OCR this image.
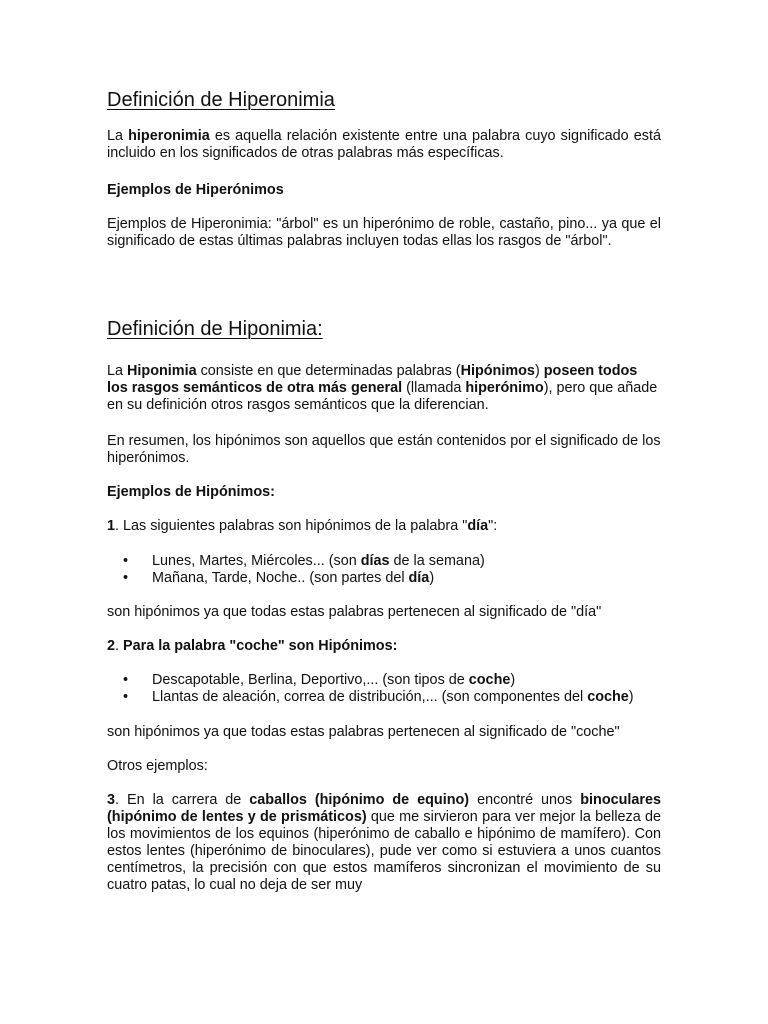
Definición de Hiperonimia

La hiperonimia es aquella relación existente entre una palabra cuyo significado está incluido en los significados de otras palabras más específicas.

Ejemplos de Hiperónimos

Ejemplos de Hiperonimia: "árbol" es un hiperónimo de roble, castaño, pino... ya que el significado de estas últimas palabras incluyen todas ellas los rasgos de "árbol".

Definición de Hiponimia:

La Hiponimia consiste en que determinadas palabras (Hipónimos) poseen todos los rasgos semánticos de otra más general (llamada hiperónimo), pero que añade en su definición otros rasgos semánticos que la diferencian.

En resumen, los hipónimos son aquellos que están contenidos por el significado de los hiperónimos.

Ejemplos de Hipónimos:

1. Las siguientes palabras son hipónimos de la palabra "día":

• Lunes, Martes, Miércoles... (son días de la semana)
• Mañana, Tarde, Noche.. (son partes del día)

son hipónimos ya que todas estas palabras pertenecen al significado de "día"

2. Para la palabra "coche" son Hipónimos:

• Descapotable, Berlina, Deportivo,... (son tipos de coche)
• Llantas de aleación, correa de distribución,... (son componentes del coche)

son hipónimos ya que todas estas palabras pertenecen al significado de "coche"

Otros ejemplos:

3. En la carrera de caballos (hipónimo de equino) encontré unos binoculares (hipónimo de lentes y de prismáticos) que me sirvieron para ver mejor la belleza de los movimientos de los equinos (hiperónimo de caballo e hipónimo de mamífero). Con estos lentes (hiperónimo de binoculares), pude ver como si estuviera a unos cuantos centímetros, la precisión con que estos mamíferos sincronizan el movimiento de su cuatro patas, lo cual no deja de ser muy
